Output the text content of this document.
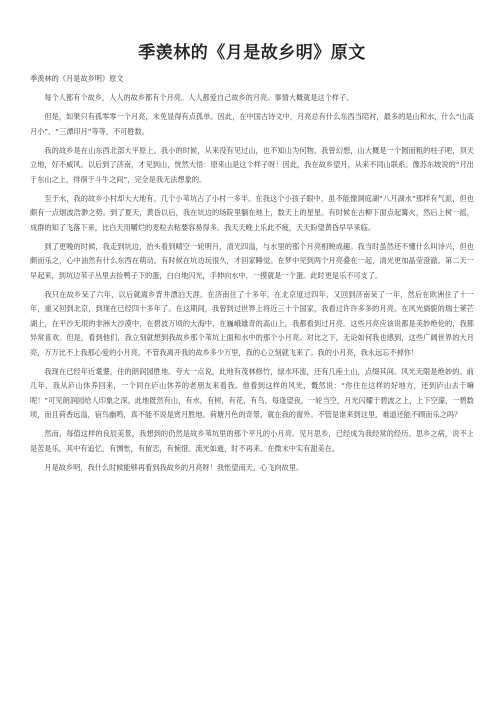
季羡林的《月是故乡明》原文
季羡林的《月是故乡明》原文

每个人都有个故乡，人人的故乡都有个月亮。人人都爱自己故乡的月亮。事情大概就是这个样子。

但是，如果只有孤零零一个月亮，未免显得有点孤单。因此，在中国古诗文中，月亮总有什么东西当陪衬，最多的是山和水，什么“山高月小”、“三潭印月”等等，不可胜数。

我的故乡是在山东西北部大平原上。我小的时候，从来没有见过山，也不知山为何物。我曾幻想，山大概是一个圆而粗的柱子吧，顶天立地，好不威风。以后到了济南，才见到山，恍然大悟：原来山是这个样子呀！因此，我在故乡望月，从来不同山联系。像苏东坡说的“月出于东山之上，徘徊于斗牛之间”，完全是我无法想象的。

至于水，我的故乡小村却大大地有。几个小苇坑占了小村一多半。在我这个小孩子眼中，虽不能像洞庭湖“八月湖水”那样有气派，但也颇有一点烟波浩渺之势。到了夏天，黄昏以后，我在坑边的场院里躺在地上，数天上的星星。有时候在古柳下面点起篝火，然后上树一摇，成群的知了飞落下来，比白天用嚼烂的麦粒去粘要容易得多。我天天晚上乐此不疲，天天盼望黄昏早早来临。

到了更晚的时候，我走到坑边，抬头看到晴空一轮明月，清光四溢，与水里的那个月亮相映成趣。我当时虽然还不懂什么叫诗兴，但也颇而乐之，心中油然有什么东西在萌动。有时候在坑边玩很久，才回家睡觉。在梦中见到两个月亮叠在一起，清光更加晶莹澄澈。第二天一早起来，到坑边苇子丛里去捡鸭子下的蛋，白白地闪光，手伸向水中，一摸就是一个蛋。此时更是乐不可支了。

我只在故乡呆了六年，以后就离乡背井漂泊天涯。在济南住了十多年，在北京度过四年，又回到济南呆了一年，然后在欧洲住了十一年，重又回到北京，到现在已经四十多年了。在这期间，我曾到过世界上将近三十个国家，我看过许许多多的月亮。在风光旖旎的瑞士莱芒湖上，在平沙无垠的非洲大沙漠中，在碧波万顷的大海中，在巍峨雄奇的高山上，我都看到过月亮。这些月亮应该说都是美妙绝伦的，我都异常喜欢。但是，看到他们，我立刻就想到我故乡那个苇坑上面和水中的那个小月亮。对比之下，无论如何我也感到，这些广阔世界的大月亮，万万比不上我那心爱的小月亮。不管我离开我的故乡多少万里，我的心立刻就飞来了。我的小月亮，我永远忘不掉你！

我现在已经年近耄耋，住的朗润园胜地。夸大一点说，此地有茂林修竹，绿水环流，还有几座土山，点缀其间。风光无限是绝妙的。前几年，我从庐山休养回来，一个同在庐山休养的老朋友来看我。他看到这样的风光，慨然说：“你住在这样的好地方，还到庐山去干嘛呢！”可见朗润园给人印象之深。此地既然有山，有水，有树，有花，有鸟，每逢望夜，一轮当空，月光闪耀于碧波之上，上下空濛，一碧数顷，而且荷香远溢，宿鸟幽鸣，真不能不说是赏月胜地。荷塘月色的奇景，就在我的窗外。不管是谁来到这里，难道还能不顾而乐之吗？

然而，每值这样的良辰美景，我想到的仍然是故乡苇坑里的那个平凡的小月亮。见月思乡，已经成为我经常的经历。思乡之病，说不上是苦是乐，其中有追忆，有惆怅，有留恋，有惋惜。流光如逝，时不再来。在微末中实有甜美在。

月是故乡明，我什么时候能够再看到我故乡的月亮呀！我怅望南天，心飞向故里。
